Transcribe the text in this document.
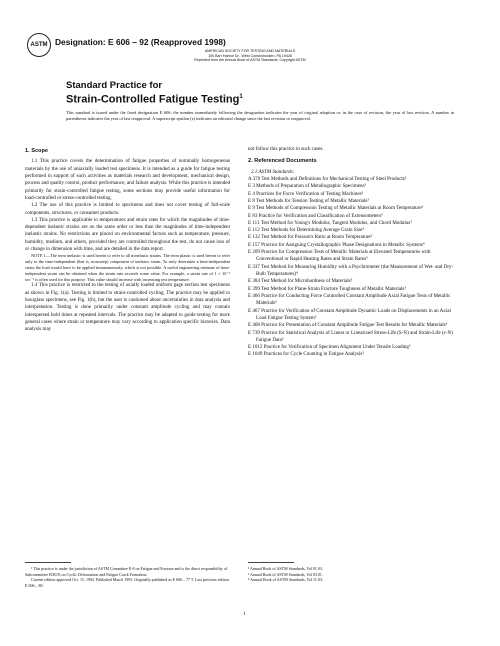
ASTM Designation: E 606 – 92 (Reapproved 1998)
AMERICAN SOCIETY FOR TESTING AND MATERIALS
100 Barr Harbor Dr., West Conshohocken, PA 19428
Reprinted from the Annual Book of ASTM Standards. Copyright ASTM
Standard Practice for
Strain-Controlled Fatigue Testing$^1$
This standard is issued under the fixed designation E 606; the number immediately following the designation indicates the year of original adoption or, in the case of revision, the year of last revision. A number in parentheses indicates the year of last reapproval. A superscript epsilon (ε) indicates an editorial change since the last revision or reapproval.
1. Scope

1.1 This practice covers the determination of fatigue properties of nominally homogeneous materials by the use of uniaxially loaded test specimens. It is intended as a guide for fatigue testing performed in support of such activities as materials research and development, mechanical design, process and quality control, product performance, and failure analysis. While this practice is intended primarily for strain-controlled fatigue testing, some sections may provide useful information for load-controlled or stress-controlled testing.

1.2 The use of this practice is limited to specimens and does not cover testing of full-scale components, structures, or consumer products.

1.3 This practice is applicable to temperatures and strain rates for which the magnitudes of time-dependent inelastic strains are on the same order or less than the magnitudes of time-independent inelastic strains. No restrictions are placed on environmental factors such as temperature, pressure, humidity, medium, and others, provided they are controlled throughout the test, do not cause loss of or change in dimension with time, and are detailed in the data report.

NOTE 1—The term inelastic is used herein to refer to all nonelastic strains. The term plastic is used herein to refer only to the time-independent (that is, noncreep) component of inelastic strain. To truly determine a time-independent strain the load would have to be applied instantaneously, which is not possible. A useful engineering estimate of time-independent strain can be obtained when the strain rate exceeds some value. For example, a strain rate of 1 × 10⁻³ sec⁻¹ is often used for this purpose. This value should increase with increasing test temperature.

1.4 This practice is restricted to the testing of axially loaded uniform gage section test specimens as shown in Fig. 1(a). Testing is limited to strain-controlled cycling. The practice may be applied to hourglass specimens, see Fig. 1(b), but the user is cautioned about uncertainties in data analysis and interpretation. Testing is done primarily under constant amplitude cycling and may contain interspersed hold times at repeated intervals. The practice may be adapted to guide testing for more general cases where strain or temperature may vary according to application specific histories. Data analysis may

not follow this practice in such cases.
2. Referenced Documents
2.1 ASTM Standards:
A 370 Test Methods and Definitions for Mechanical Testing of Steel Products²
E 3 Methods of Preparation of Metallographic Specimens³
E 4 Practices for Force Verification of Testing Machines³
E 8 Test Methods for Tension Testing of Metallic Materials³
E 9 Test Methods of Compression Testing of Metallic Materials at Room Temperature³
E 83 Practice for Verification and Classification of Extensometers³
E 111 Test Method for Young's Modulus, Tangent Modulus, and Chord Modulus³
E 112 Test Methods for Determining Average Grain Size³
E 132 Test Method for Poisson's Ratio at Room Temperature³
E 157 Practice for Assigning Crystallographic Phase Designations in Metallic Systems⁴
E 209 Practice for Compression Tests of Metallic Materials at Elevated Temperatures with Conventional or Rapid Heating Rates and Strain Rates³
E 337 Test Method for Measuring Humidity with a Psychrometer (the Measurement of Wet- and Dry-Bulb Temperatures)⁴
E 384 Test Method for Microhardness of Materials³
E 399 Test Method for Plane-Strain Fracture Toughness of Metallic Materials³
E 466 Practice for Conducting Force Controlled Constant Amplitude Axial Fatigue Tests of Metallic Materials³
E 467 Practice for Verification of Constant Amplitude Dynamic Loads on Displacements in an Axial Load Fatigue Testing System³
E 468 Practice for Presentation of Constant Amplitude Fatigue Test Results for Metallic Materials³
E 739 Practice for Statistical Analysis of Linear or Linearized Stress-Life (S-N) and Strain-Life (ε-N) Fatigue Data³
E 1012 Practice for Verification of Specimen Alignment Under Tensile Loading³
E 1049 Practices for Cycle Counting in Fatigue Analysis³
¹ This practice is under the jurisdiction of ASTM Committee E-8 on Fatigue and Fracture and is the direct responsibility of Subcommittee E08.05 on Cyclic Deformation and Fatigue Crack Formation.
Current edition approved Oct. 15, 1992. Published March 1993. Originally published as E 606 – 77 T. Last previous edition E 606 – 80.
² Annual Book of ASTM Standards, Vol 01.03.
³ Annual Book of ASTM Standards, Vol 03.01.
⁴ Annual Book of ASTM Standards, Vol 11.03.
1
